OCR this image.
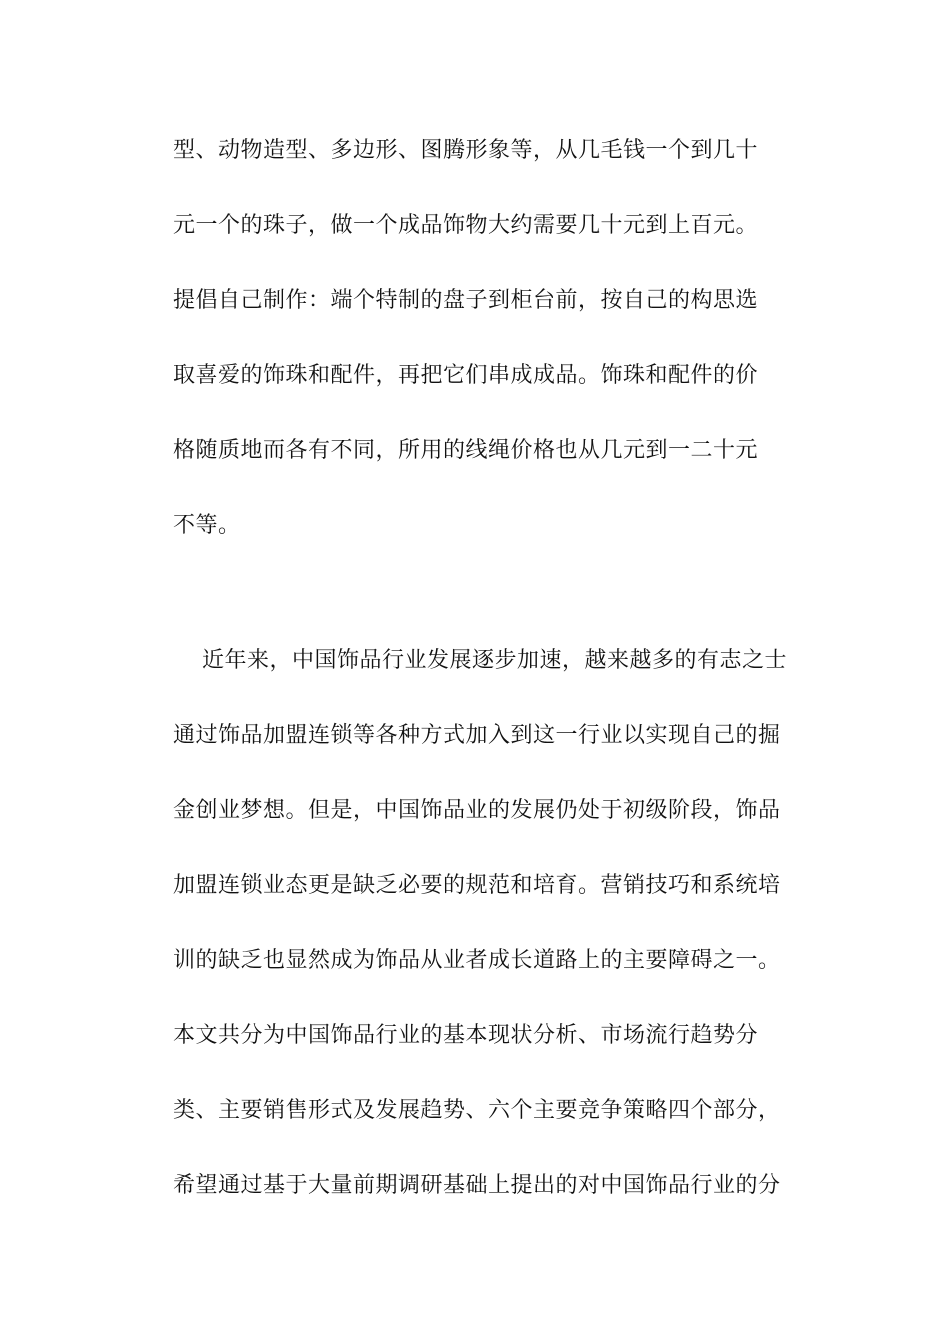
型、动物造型、多边形、图腾形象等，从几毛钱一个到几十
元一个的珠子，做一个成品饰物大约需要几十元到上百元。
提倡自己制作：端个特制的盘子到柜台前，按自己的构思选
取喜爱的饰珠和配件，再把它们串成成品。饰珠和配件的价
格随质地而各有不同，所用的线绳价格也从几元到一二十元
不等。
近年来，中国饰品行业发展逐步加速，越来越多的有志之士
通过饰品加盟连锁等各种方式加入到这一行业以实现自己的掘
金创业梦想。但是，中国饰品业的发展仍处于初级阶段，饰品
加盟连锁业态更是缺乏必要的规范和培育。营销技巧和系统培
训的缺乏也显然成为饰品从业者成长道路上的主要障碍之一。
本文共分为中国饰品行业的基本现状分析、市场流行趋势分
类、主要销售形式及发展趋势、六个主要竞争策略四个部分，
希望通过基于大量前期调研基础上提出的对中国饰品行业的分
